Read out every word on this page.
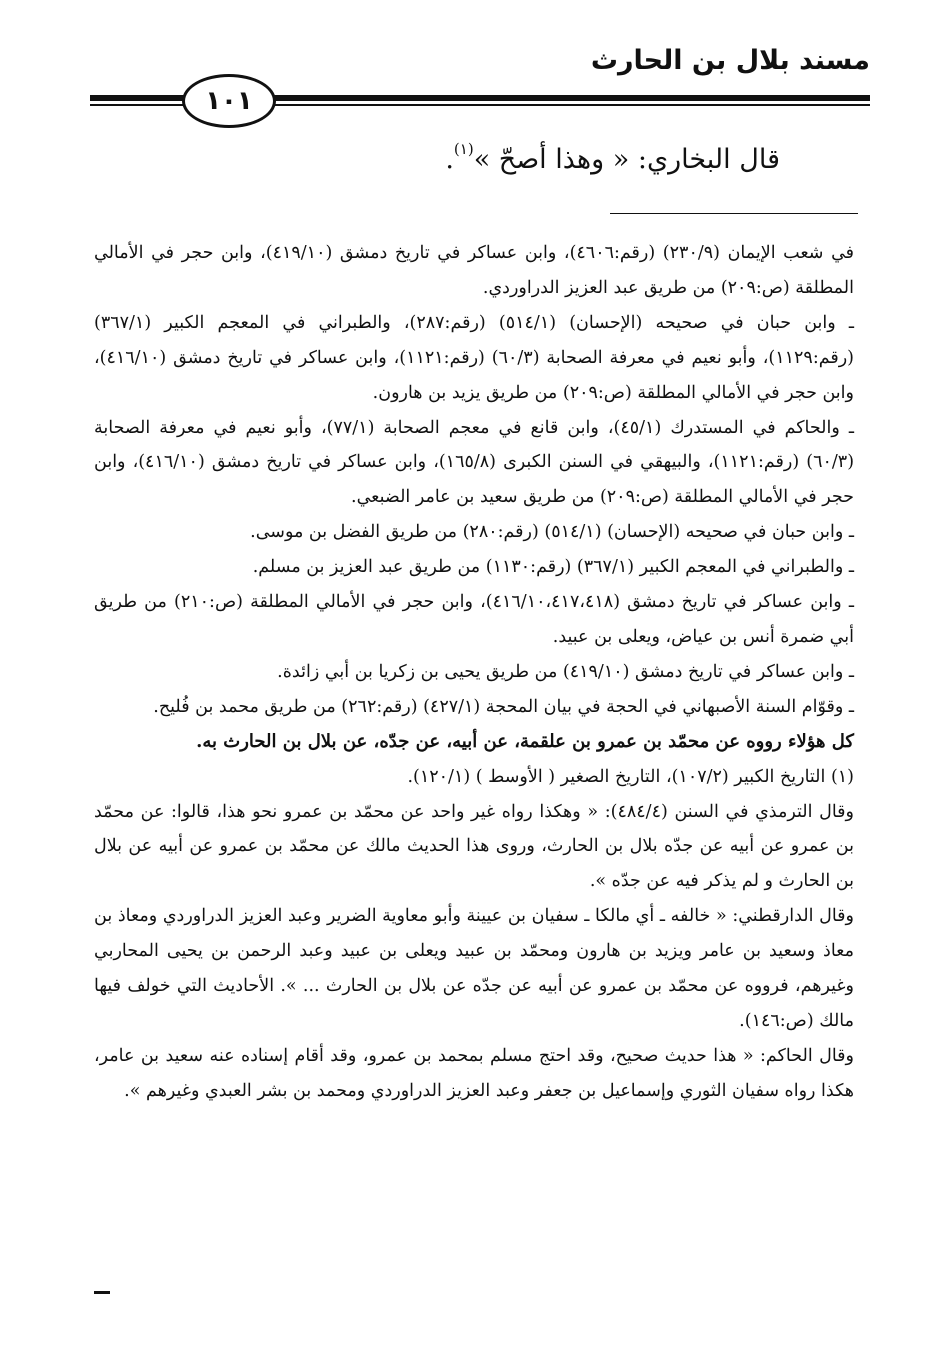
مسند بلال بن الحارث
١٠١
قال البخاري: « وهذا أصحّ »$^{(١)}$.

في شعب الإيمان (٢٣٠/٩) (رقم:٤٦٠٦)، وابن عساكر في تاريخ دمشق (٤١٩/١٠)، وابن حجر في الأمالي المطلقة (ص:٢٠٩) من طريق عبد العزيز الدراوردي.

ـ وابن حبان في صحيحه (الإحسان) (٥١٤/١) (رقم:٢٨٧)، والطبراني في المعجم الكبير (٣٦٧/١) (رقم:١١٢٩)، وأبو نعيم في معرفة الصحابة (٦٠/٣) (رقم:١١٢١)، وابن عساكر في تاريخ دمشق (٤١٦/١٠)، وابن حجر في الأمالي المطلقة (ص:٢٠٩) من طريق يزيد بن هارون.

ـ والحاكم في المستدرك (٤٥/١)، وابن قانع في معجم الصحابة (٧٧/١)، وأبو نعيم في معرفة الصحابة (٦٠/٣) (رقم:١١٢١)، والبيهقي في السنن الكبرى (١٦٥/٨)، وابن عساكر في تاريخ دمشق (٤١٦/١٠)، وابن حجر في الأمالي المطلقة (ص:٢٠٩) من طريق سعيد بن عامر الضبعي.

ـ وابن حبان في صحيحه (الإحسان) (٥١٤/١) (رقم:٢٨٠) من طريق الفضل بن موسى.

ـ والطبراني في المعجم الكبير (٣٦٧/١) (رقم:١١٣٠) من طريق عبد العزيز بن مسلم.

ـ وابن عساكر في تاريخ دمشق (٤١٦/١٠،٤١٧،٤١٨)، وابن حجر في الأمالي المطلقة (ص:٢١٠) من طريق أبي ضمرة أنس بن عياض، ويعلى بن عبيد.

ـ وابن عساكر في تاريخ دمشق (٤١٩/١٠) من طريق يحيى بن زكريا بن أبي زائدة.

ـ وقوّام السنة الأصبهاني في الحجة في بيان المحجة (٤٢٧/١) (رقم:٢٦٢) من طريق محمد بن فُليح.

كل هؤلاء رووه عن محمّد بن عمرو بن علقمة، عن أبيه، عن جدّه، عن بلال بن الحارث به.

(١) التاريخ الكبير (١٠٧/٢)، التاريخ الصغير ( الأوسط ) (١٢٠/١).

وقال الترمذي في السنن (٤٨٤/٤): « وهكذا رواه غير واحد عن محمّد بن عمرو نحو هذا، قالوا: عن محمّد بن عمرو عن أبيه عن جدّه بلال بن الحارث، وروى هذا الحديث مالك عن محمّد بن عمرو عن أبيه عن بلال بن الحارث و لم يذكر فيه عن جدّه ».

وقال الدارقطني: « خالفه ـ أي مالكا ـ سفيان بن عيينة وأبو معاوية الضرير وعبد العزيز الدراوردي ومعاذ بن معاذ وسعيد بن عامر ويزيد بن هارون ومحمّد بن عبيد ويعلى بن عبيد وعبد الرحمن بن يحيى المحاربي وغيرهم، فرووه عن محمّد بن عمرو عن أبيه عن جدّه عن بلال بن الحارث ... ». الأحاديث التي خولف فيها مالك (ص:١٤٦).

وقال الحاكم: « هذا حديث صحيح، وقد احتج مسلم بمحمد بن عمرو، وقد أقام إسناده عنه سعيد بن عامر، هكذا رواه سفيان الثوري وإسماعيل بن جعفر وعبد العزيز الدراوردي ومحمد بن بشر العبدي وغيرهم ».
